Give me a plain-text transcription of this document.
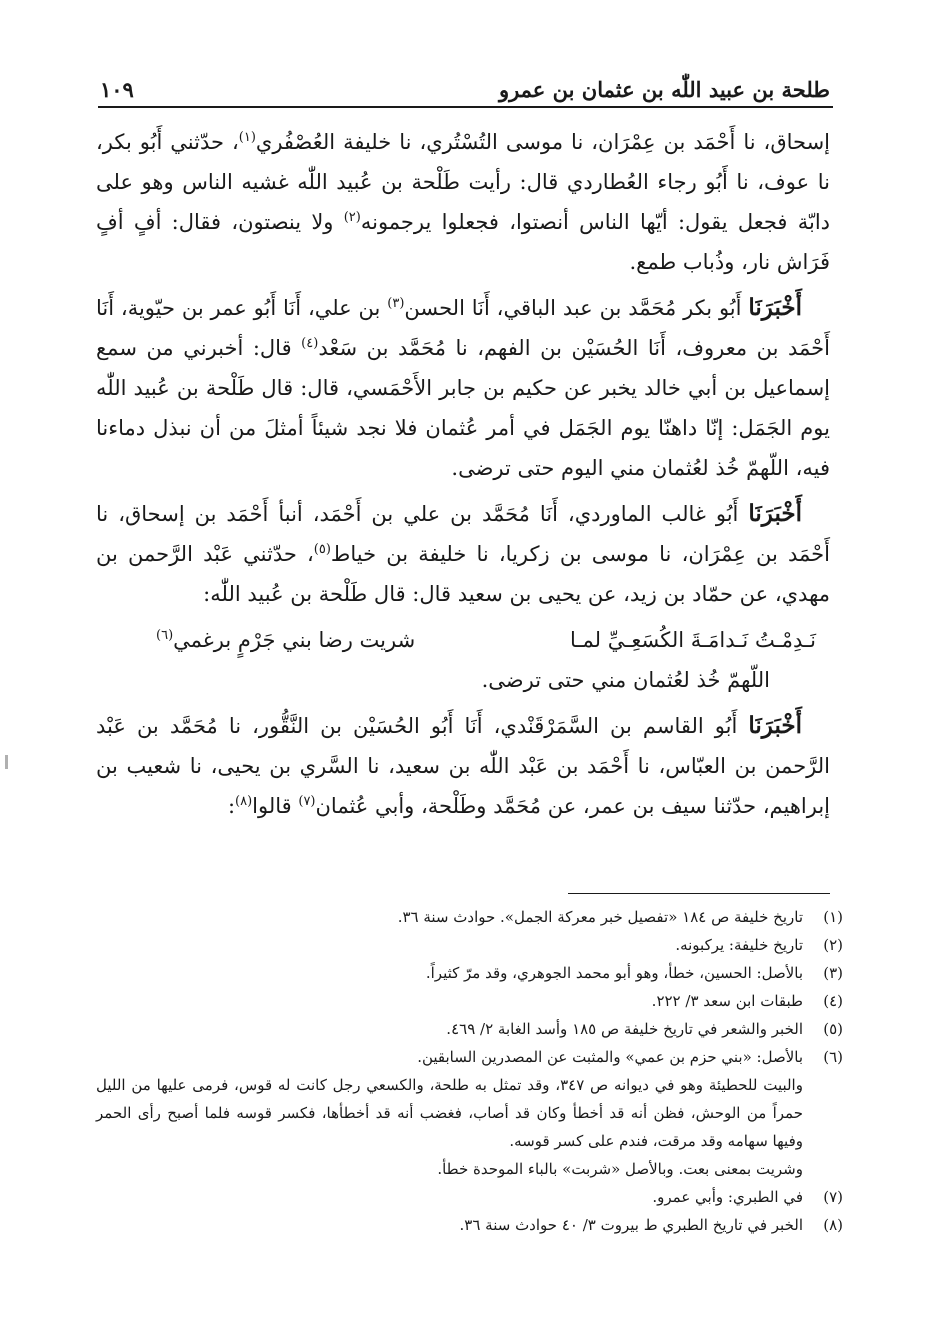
طلحة بن عبيد اللّٰه بن عثمان بن عمرو
١٠٩

إسحاق، نا أَحْمَد بن عِمْرَان، نا موسى التُسْتُري، نا خليفة العُصْفُري$^{(١)}$، حدّثني أَبُو بكر، نا عوف، نا أَبُو رجاء العُطاردي قال: رأيت طَلْحة بن عُبيد اللّٰه غشيه الناس وهو على دابّة فجعل يقول: أيّها الناس أنصتوا، فجعلوا يرجمونه$^{(٢)}$ ولا ينصتون، فقال: أفٍ أفٍ فَرَاش نار، وذُباب طمع.

أَخْبَرَنَا أَبُو بكر مُحَمَّد بن عبد الباقي، أَنَا الحسن$^{(٣)}$ بن علي، أَنَا أَبُو عمر بن حيّوية، أَنَا أَحْمَد بن معروف، أَنَا الحُسَيْن بن الفهم، نا مُحَمَّد بن سَعْد$^{(٤)}$ قال: أخبرني من سمع إسماعيل بن أبي خالد يخبر عن حكيم بن جابر الأَحْمَسي، قال: قال طَلْحة بن عُبيد اللّٰه يوم الجَمَل: إنّا داهنّا يوم الجَمَل في أمر عُثمان فلا نجد شيئاً أمثلَ من أن نبذل دماءنا فيه، اللّهمّ خُذ لعُثمان مني اليوم حتى ترضى.

أَخْبَرَنَا أَبُو غالب الماوردي، أَنَا مُحَمَّد بن علي بن أَحْمَد، أنبأ أَحْمَد بن إسحاق، نا أَحْمَد بن عِمْرَان، نا موسى بن زكريا، نا خليفة بن خياط$^{(٥)}$، حدّثني عَبْد الرَّحمن بن مهدي، عن حمّاد بن زيد، عن يحيى بن سعيد قال: قال طَلْحة بن عُبيد اللّٰه:

نَـدِمْـتُ نَـدامَـةَ الكُسَعِـيِّ لمـا
شريت رضا بني جَرْمٍ برغمي$^{(٦)}$
اللّهمّ خُذ لعُثمان مني حتى ترضى.

أَخْبَرَنَا أَبُو القاسم بن السَّمَرْقَنْدي، أَنَا أَبُو الحُسَيْن بن النَّقُّور، نا مُحَمَّد بن عَبْد الرَّحمن بن العبّاس، نا أَحْمَد بن عَبْد اللّٰه بن سعيد، نا السَّري بن يحيى، نا شعيب بن إبراهيم، حدّثنا سيف بن عمر، عن مُحَمَّد وطَلْحة، وأبي عُثمان$^{(٧)}$ قالوا$^{(٨)}$:

(١)
تاريخ خليفة ص ١٨٤ «تفصيل خبر معركة الجمل». حوادث سنة ٣٦.
(٢)
تاريخ خليفة: يركبونه.
(٣)
بالأصل: الحسين، خطأ، وهو أبو محمد الجوهري، وقد مرّ كثيراً.
(٤)
طبقات ابن سعد ٣/ ٢٢٢.
(٥)
الخبر والشعر في تاريخ خليفة ص ١٨٥ وأسد الغابة ٢/ ٤٦٩.
(٦)
بالأصل: «بني حزم بن عمي» والمثبت عن المصدرين السابقين.
والبيت للحطيئة وهو في ديوانه ص ٣٤٧، وقد تمثل به طلحة، والكسعي رجل كانت له قوس، فرمى عليها من الليل حمراً من الوحش، فظن أنه قد أخطأ وكان قد أصاب، فغضب أنه قد أخطأها، فكسر قوسه فلما أصبح رأى الحمر وفيها سهامه وقد مرقت، فندم على كسر قوسه.
وشريت بمعنى بعت. وبالأصل «شربت» بالباء الموحدة خطأ.
(٧)
في الطبري: وأبي عمرو.
(٨)
الخبر في تاريخ الطبري ط بيروت ٣/ ٤٠ حوادث سنة ٣٦.
